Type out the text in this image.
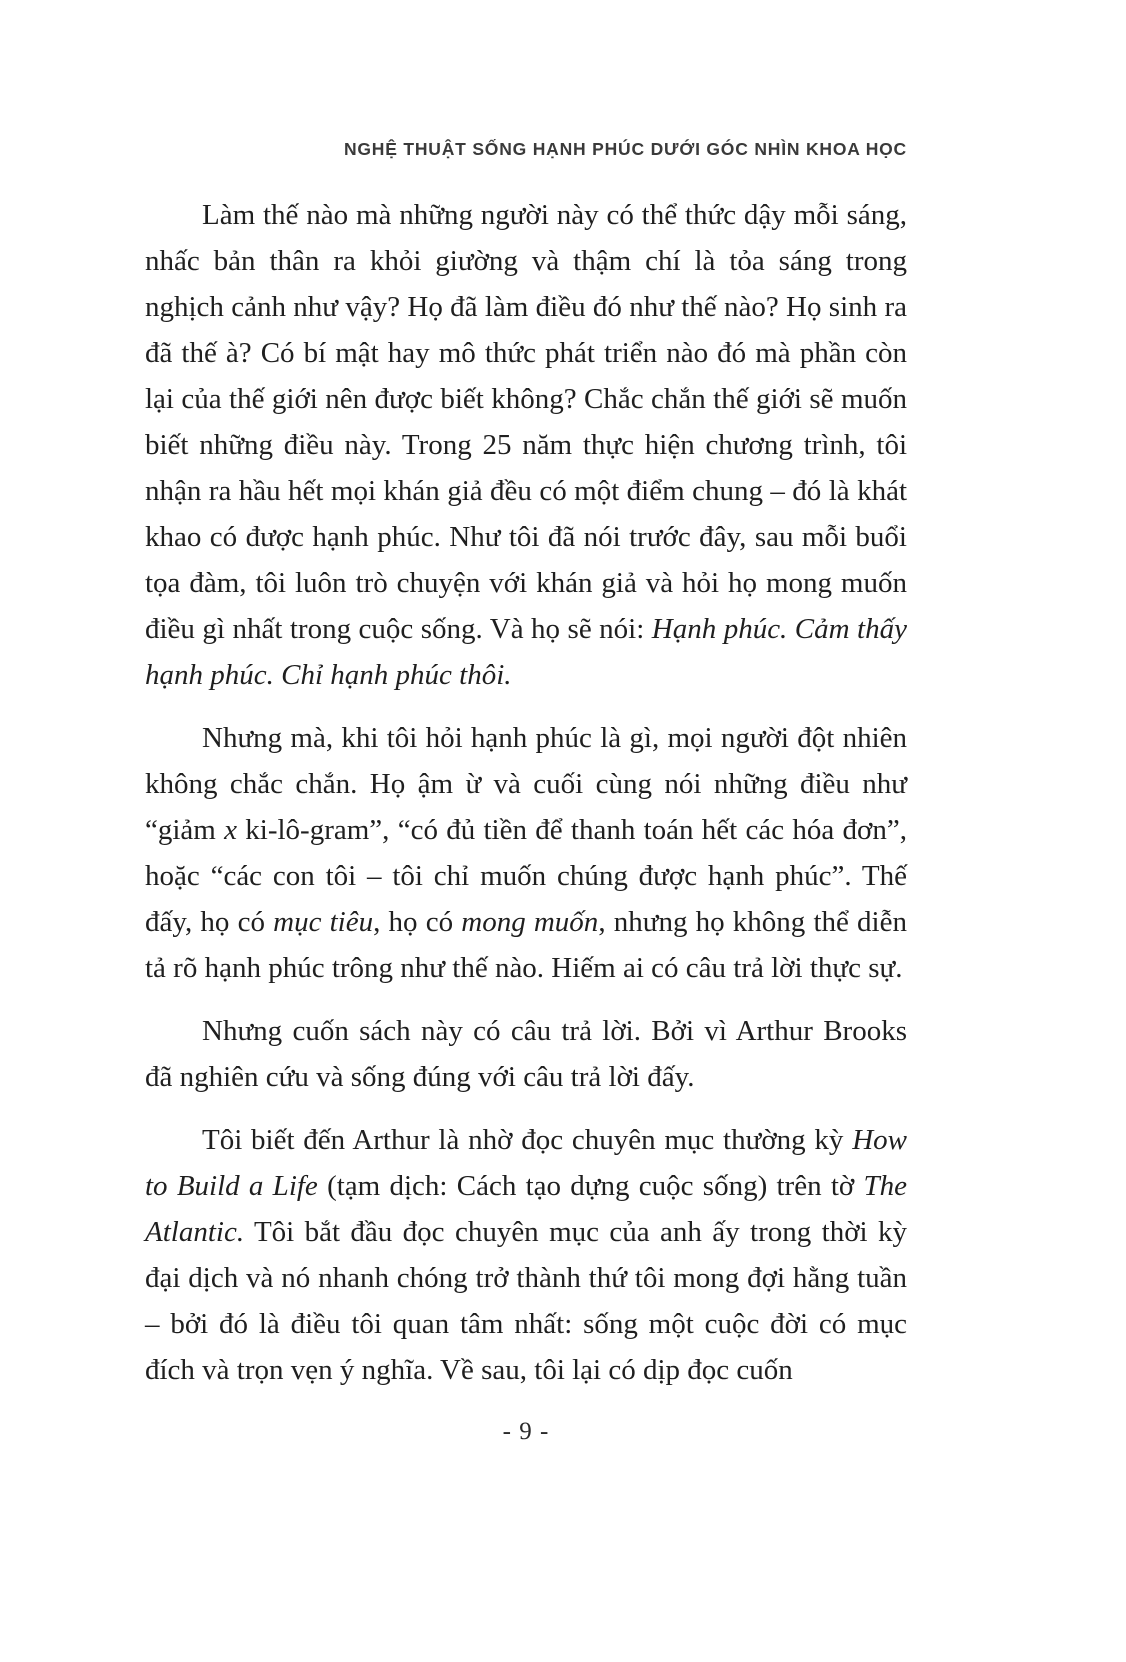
NGHỆ THUẬT SỐNG HẠNH PHÚC DƯỚI GÓC NHÌN KHOA HỌC

Làm thế nào mà những người này có thể thức dậy mỗi sáng, nhấc bản thân ra khỏi giường và thậm chí là tỏa sáng trong nghịch cảnh như vậy? Họ đã làm điều đó như thế nào? Họ sinh ra đã thế à? Có bí mật hay mô thức phát triển nào đó mà phần còn lại của thế giới nên được biết không? Chắc chắn thế giới sẽ muốn biết những điều này. Trong 25 năm thực hiện chương trình, tôi nhận ra hầu hết mọi khán giả đều có một điểm chung – đó là khát khao có được hạnh phúc. Như tôi đã nói trước đây, sau mỗi buổi tọa đàm, tôi luôn trò chuyện với khán giả và hỏi họ mong muốn điều gì nhất trong cuộc sống. Và họ sẽ nói: Hạnh phúc. Cảm thấy hạnh phúc. Chỉ hạnh phúc thôi.

Nhưng mà, khi tôi hỏi hạnh phúc là gì, mọi người đột nhiên không chắc chắn. Họ ậm ừ và cuối cùng nói những điều như “giảm x ki-lô-gram”, “có đủ tiền để thanh toán hết các hóa đơn”, hoặc “các con tôi – tôi chỉ muốn chúng được hạnh phúc”. Thế đấy, họ có mục tiêu, họ có mong muốn, nhưng họ không thể diễn tả rõ hạnh phúc trông như thế nào. Hiếm ai có câu trả lời thực sự.

Nhưng cuốn sách này có câu trả lời. Bởi vì Arthur Brooks đã nghiên cứu và sống đúng với câu trả lời đấy.

Tôi biết đến Arthur là nhờ đọc chuyên mục thường kỳ How to Build a Life (tạm dịch: Cách tạo dựng cuộc sống) trên tờ The Atlantic. Tôi bắt đầu đọc chuyên mục của anh ấy trong thời kỳ đại dịch và nó nhanh chóng trở thành thứ tôi mong đợi hằng tuần – bởi đó là điều tôi quan tâm nhất: sống một cuộc đời có mục đích và trọn vẹn ý nghĩa. Về sau, tôi lại có dịp đọc cuốn

- 9 -
